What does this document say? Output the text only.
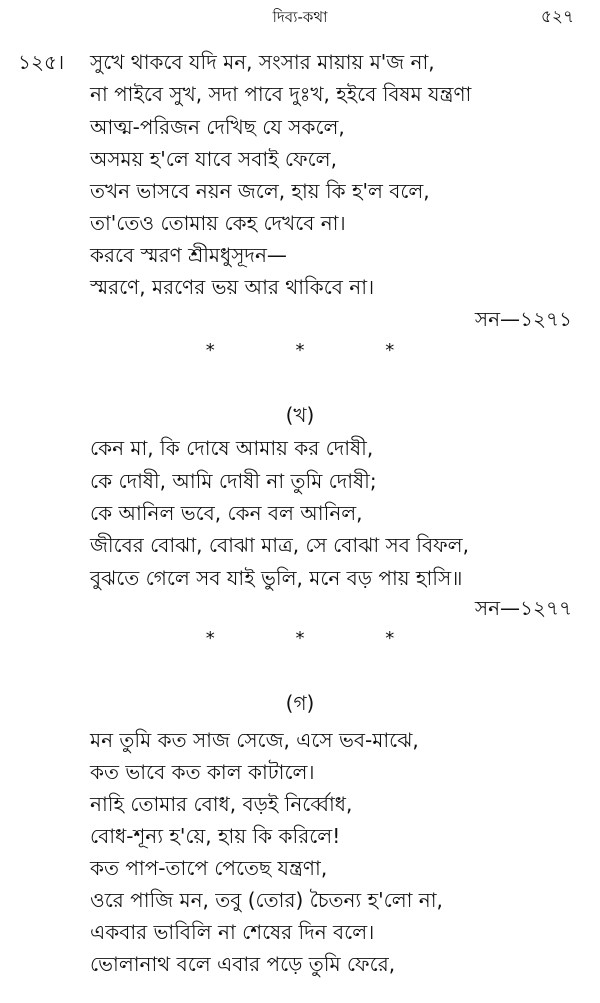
দিব্য-কথা	৫২৭
১২৫। সুখে থাকবে যদি মন, সংসার মায়ায় ম'জ না,
না পাইবে সুখ, সদা পাবে দুঃখ, হইবে বিষম যন্ত্রণা
আত্ম-পরিজন দেখিছ যে সকলে,
অসময় হ'লে যাবে সবাই ফেলে,
তখন ভাসবে নয়ন জলে, হায় কি হ'ল বলে,
তা'তেও তোমায় কেহ দেখবে না।
করবে স্মরণ শ্রীমধুসূদন—
স্মরণে, মরণের ভয় আর থাকিবে না।
সন—১২৭১
* * *
(খ)
কেন মা, কি দোষে আমায় কর দোষী,
কে দোষী, আমি দোষী না তুমি দোষী;
কে আনিল ভবে, কেন বল আনিল,
জীবের বোঝা, বোঝা মাত্র, সে বোঝা সব বিফল,
বুঝতে গেলে সব যাই ভুলি, মনে বড় পায় হাসি॥
সন—১২৭৭
* * *
(গ)
মন তুমি কত সাজ সেজে, এসে ভব-মাঝে,
কত ভাবে কত কাল কাটালে।
নাহি তোমার বোধ, বড়ই নির্ব্বোধ,
বোধ-শূন্য হ'য়ে, হায় কি করিলে!
কত পাপ-তাপে পেতেছ যন্ত্রণা,
ওরে পাজি মন, তবু (তোর) চৈতন্য হ'লো না,
একবার ভাবিলি না শেষের দিন বলে।
ভোলানাথ বলে এবার পড়ে তুমি ফেরে,
